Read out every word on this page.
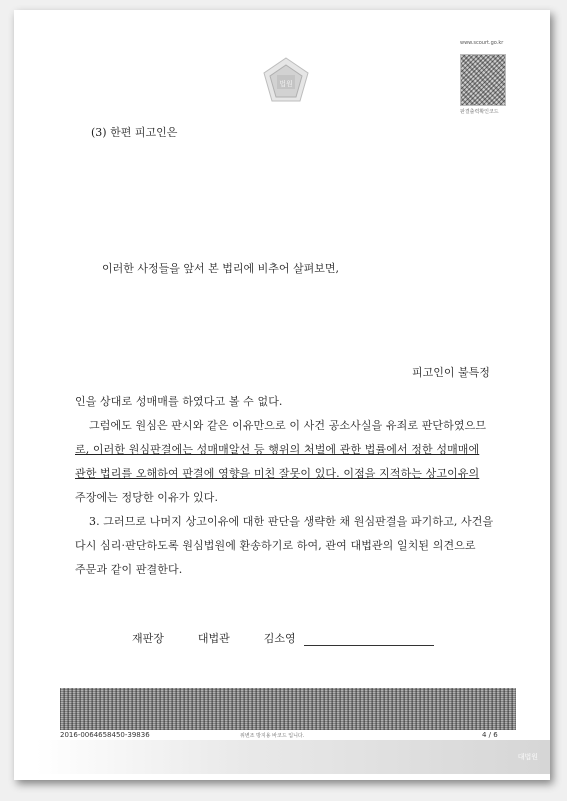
법원
www.scourt.go.kr
판결출력확인코드
(3) 한편 피고인은
이러한 사정들을 앞서 본 법리에 비추어 살펴보면,
피고인이 불특정
인을 상대로 성매매를 하였다고 볼 수 없다.
그럼에도 원심은 판시와 같은 이유만으로 이 사건 공소사실을 유죄로 판단하였으므
로, 이러한 원심판결에는 성매매알선 등 행위의 처벌에 관한 법률에서 정한 성매매에
관한 법리를 오해하여 판결에 영향을 미친 잘못이 있다. 이점을 지적하는 상고이유의
주장에는 정당한 이유가 있다.
3. 그러므로 나머지 상고이유에 대한 판단을 생략한 채 원심판결을 파기하고, 사건을
다시 심리·판단하도록 원심법원에 환송하기로 하여, 관여 대법관의 일치된 의견으로
주문과 같이 판결한다.
재판장	대법관	김소영
2016-0064658450-39836	위변조 방지용 바코드 입니다.	4 / 6
대법원
